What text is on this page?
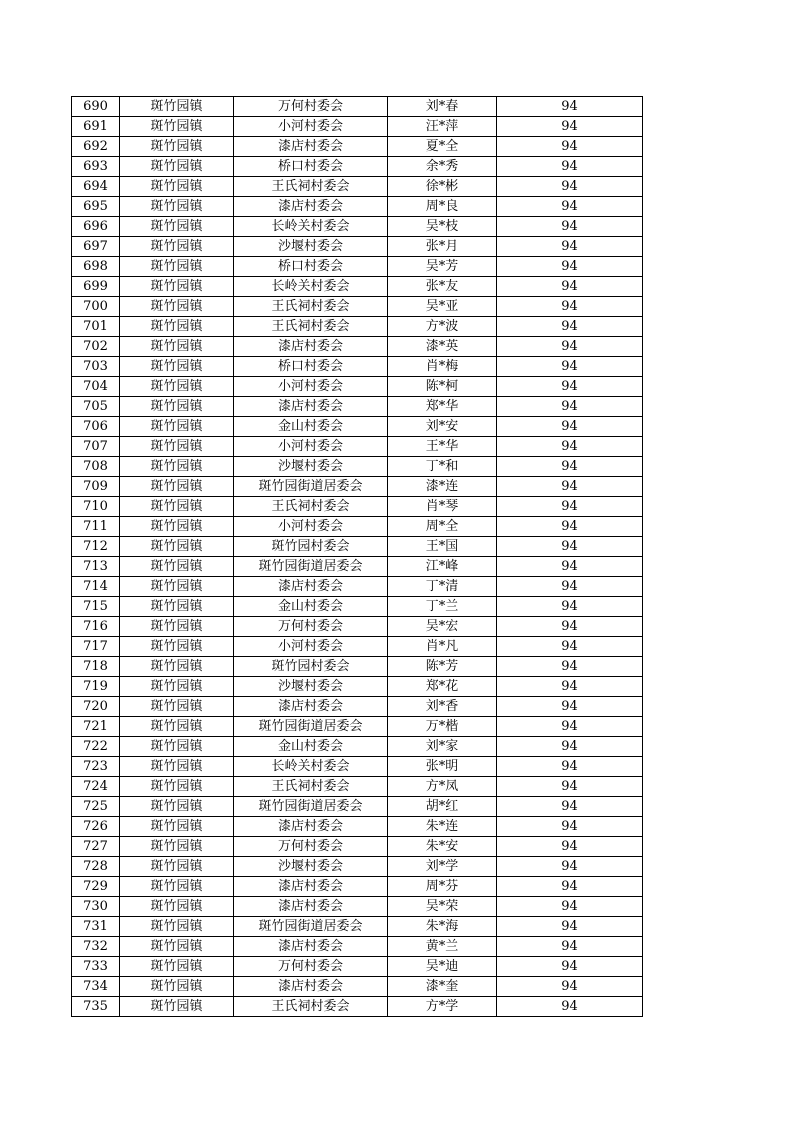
690	斑竹园镇	万何村委会	刘*春	94
691	斑竹园镇	小河村委会	汪*萍	94
692	斑竹园镇	漆店村委会	夏*全	94
693	斑竹园镇	桥口村委会	余*秀	94
694	斑竹园镇	王氏祠村委会	徐*彬	94
695	斑竹园镇	漆店村委会	周*良	94
696	斑竹园镇	长岭关村委会	吴*枝	94
697	斑竹园镇	沙堰村委会	张*月	94
698	斑竹园镇	桥口村委会	吴*芳	94
699	斑竹园镇	长岭关村委会	张*友	94
700	斑竹园镇	王氏祠村委会	吴*亚	94
701	斑竹园镇	王氏祠村委会	方*波	94
702	斑竹园镇	漆店村委会	漆*英	94
703	斑竹园镇	桥口村委会	肖*梅	94
704	斑竹园镇	小河村委会	陈*柯	94
705	斑竹园镇	漆店村委会	郑*华	94
706	斑竹园镇	金山村委会	刘*安	94
707	斑竹园镇	小河村委会	王*华	94
708	斑竹园镇	沙堰村委会	丁*和	94
709	斑竹园镇	斑竹园街道居委会	漆*连	94
710	斑竹园镇	王氏祠村委会	肖*琴	94
711	斑竹园镇	小河村委会	周*全	94
712	斑竹园镇	斑竹园村委会	王*国	94
713	斑竹园镇	斑竹园街道居委会	江*峰	94
714	斑竹园镇	漆店村委会	丁*清	94
715	斑竹园镇	金山村委会	丁*兰	94
716	斑竹园镇	万何村委会	吴*宏	94
717	斑竹园镇	小河村委会	肖*凡	94
718	斑竹园镇	斑竹园村委会	陈*芳	94
719	斑竹园镇	沙堰村委会	郑*花	94
720	斑竹园镇	漆店村委会	刘*香	94
721	斑竹园镇	斑竹园街道居委会	万*楷	94
722	斑竹园镇	金山村委会	刘*家	94
723	斑竹园镇	长岭关村委会	张*明	94
724	斑竹园镇	王氏祠村委会	方*凤	94
725	斑竹园镇	斑竹园街道居委会	胡*红	94
726	斑竹园镇	漆店村委会	朱*连	94
727	斑竹园镇	万何村委会	朱*安	94
728	斑竹园镇	沙堰村委会	刘*学	94
729	斑竹园镇	漆店村委会	周*芬	94
730	斑竹园镇	漆店村委会	吴*荣	94
731	斑竹园镇	斑竹园街道居委会	朱*海	94
732	斑竹园镇	漆店村委会	黄*兰	94
733	斑竹园镇	万何村委会	吴*迪	94
734	斑竹园镇	漆店村委会	漆*奎	94
735	斑竹园镇	王氏祠村委会	方*学	94
